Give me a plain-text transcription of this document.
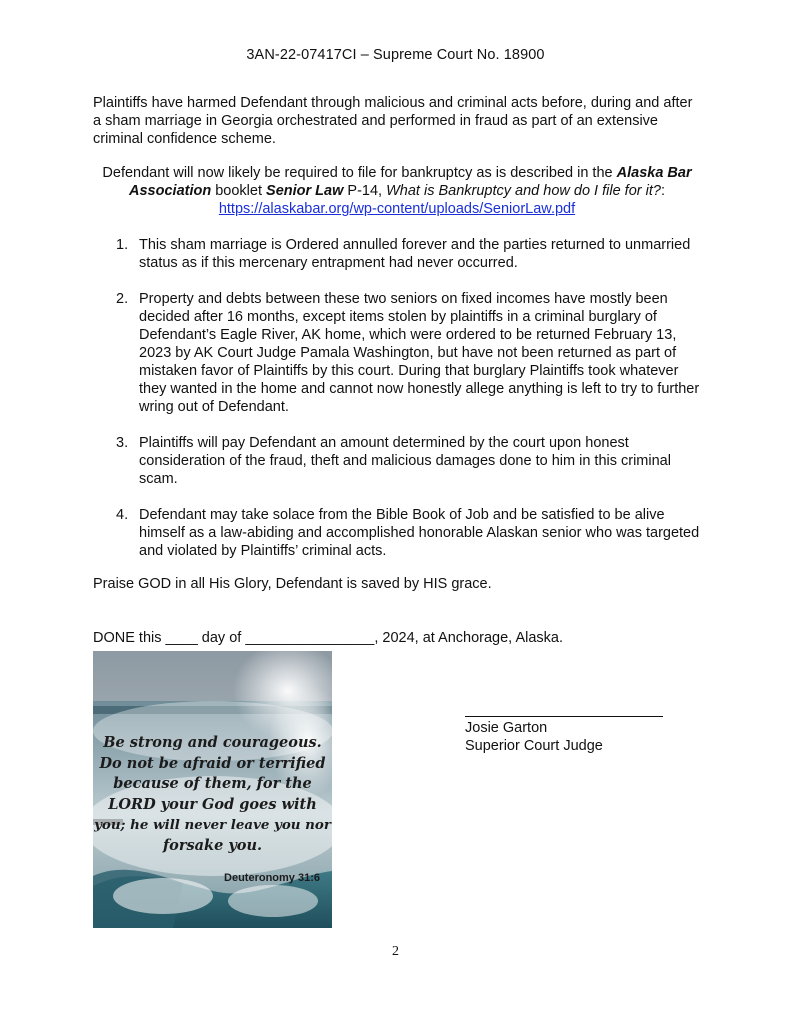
3AN-22-07417CI – Supreme Court No. 18900
Plaintiffs have harmed Defendant through malicious and criminal acts before, during and after a sham marriage in Georgia orchestrated and performed in fraud as part of an extensive criminal confidence scheme.
Defendant will now likely be required to file for bankruptcy as is described in the Alaska Bar Association booklet Senior Law P-14, What is Bankruptcy and how do I file for it?:
https://alaskabar.org/wp-content/uploads/SeniorLaw.pdf
1. This sham marriage is Ordered annulled forever and the parties returned to unmarried status as if this mercenary entrapment had never occurred.
2. Property and debts between these two seniors on fixed incomes have mostly been decided after 16 months, except items stolen by plaintiffs in a criminal burglary of Defendant’s Eagle River, AK home, which were ordered to be returned February 13, 2023 by AK Court Judge Pamala Washington, but have not been returned as part of mistaken favor of Plaintiffs by this court. During that burglary Plaintiffs took whatever they wanted in the home and cannot now honestly allege anything is left to try to further wring out of Defendant.
3. Plaintiffs will pay Defendant an amount determined by the court upon honest consideration of the fraud, theft and malicious damages done to him in this criminal scam.
4. Defendant may take solace from the Bible Book of Job and be satisfied to be alive himself as a law-abiding and accomplished honorable Alaskan senior who was targeted and violated by Plaintiffs’ criminal acts.
Praise GOD in all His Glory, Defendant is saved by HIS grace.
DONE this ____ day of ________________, 2024, at Anchorage, Alaska.
Be strong and courageous.
Do not be afraid or terrified
because of them, for the
LORD your God goes with
you; he will never leave you nor
forsake you.
Deuteronomy 31:6
Josie Garton
Superior Court Judge
2
